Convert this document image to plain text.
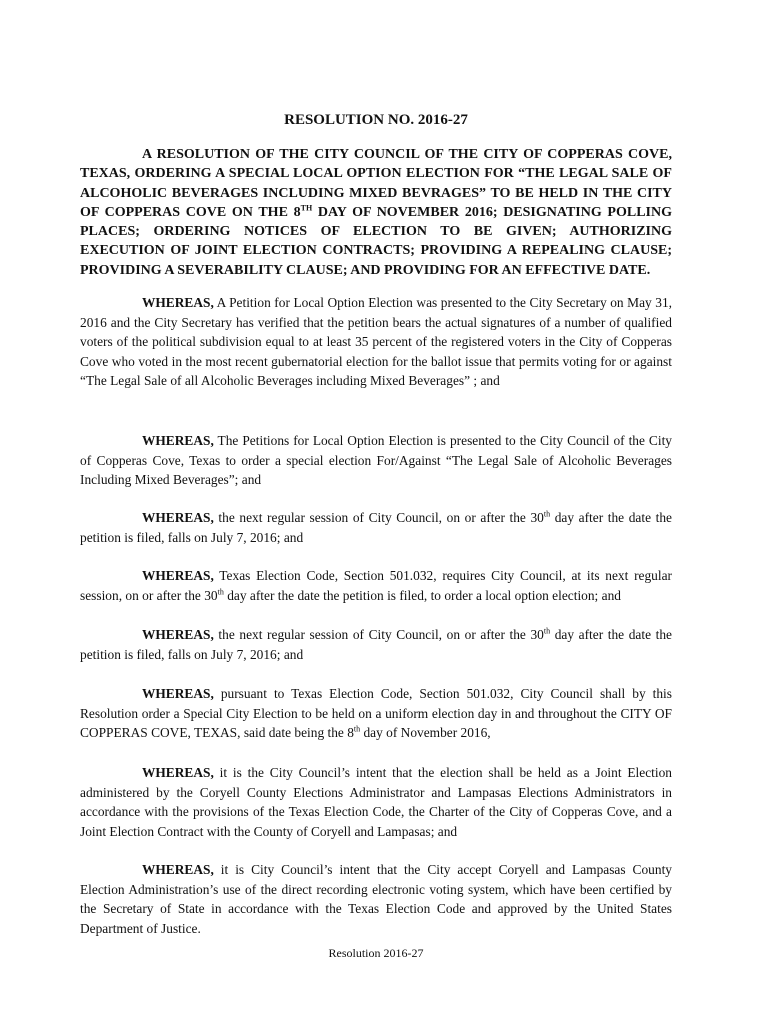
RESOLUTION NO. 2016-27

A RESOLUTION OF THE CITY COUNCIL OF THE CITY OF COPPERAS COVE, TEXAS, ORDERING A SPECIAL LOCAL OPTION ELECTION FOR “THE LEGAL SALE OF ALCOHOLIC BEVERAGES INCLUDING MIXED BEVRAGES” TO BE HELD IN THE CITY OF COPPERAS COVE ON THE 8TH DAY OF NOVEMBER 2016; DESIGNATING POLLING PLACES; ORDERING NOTICES OF ELECTION TO BE GIVEN; AUTHORIZING EXECUTION OF JOINT ELECTION CONTRACTS; PROVIDING A REPEALING CLAUSE; PROVIDING A SEVERABILITY CLAUSE; AND PROVIDING FOR AN EFFECTIVE DATE.

WHEREAS, A Petition for Local Option Election was presented to the City Secretary on May 31, 2016 and the City Secretary has verified that the petition bears the actual signatures of a number of qualified voters of the political subdivision equal to at least 35 percent of the registered voters in the City of Copperas Cove who voted in the most recent gubernatorial election for the ballot issue that permits voting for or against “The Legal Sale of all Alcoholic Beverages including Mixed Beverages” ; and

WHEREAS, The Petitions for Local Option Election is presented to the City Council of the City of Copperas Cove, Texas to order a special election For/Against “The Legal Sale of Alcoholic Beverages Including Mixed Beverages”; and

WHEREAS, the next regular session of City Council, on or after the 30th day after the date the petition is filed, falls on July 7, 2016; and

WHEREAS, Texas Election Code, Section 501.032, requires City Council, at its next regular session, on or after the 30th day after the date the petition is filed, to order a local option election; and

WHEREAS, the next regular session of City Council, on or after the 30th day after the date the petition is filed, falls on July 7, 2016; and

WHEREAS, pursuant to Texas Election Code, Section 501.032, City Council shall by this Resolution order a Special City Election to be held on a uniform election day in and throughout the CITY OF COPPERAS COVE, TEXAS, said date being the 8th day of November 2016,

WHEREAS, it is the City Council’s intent that the election shall be held as a Joint Election administered by the Coryell County Elections Administrator and Lampasas Elections Administrators in accordance with the provisions of the Texas Election Code, the Charter of the City of Copperas Cove, and a Joint Election Contract with the County of Coryell and Lampasas; and

WHEREAS, it is City Council’s intent that the City accept Coryell and Lampasas County Election Administration’s use of the direct recording electronic voting system, which have been certified by the Secretary of State in accordance with the Texas Election Code and approved by the United States Department of Justice.

Resolution 2016-27
